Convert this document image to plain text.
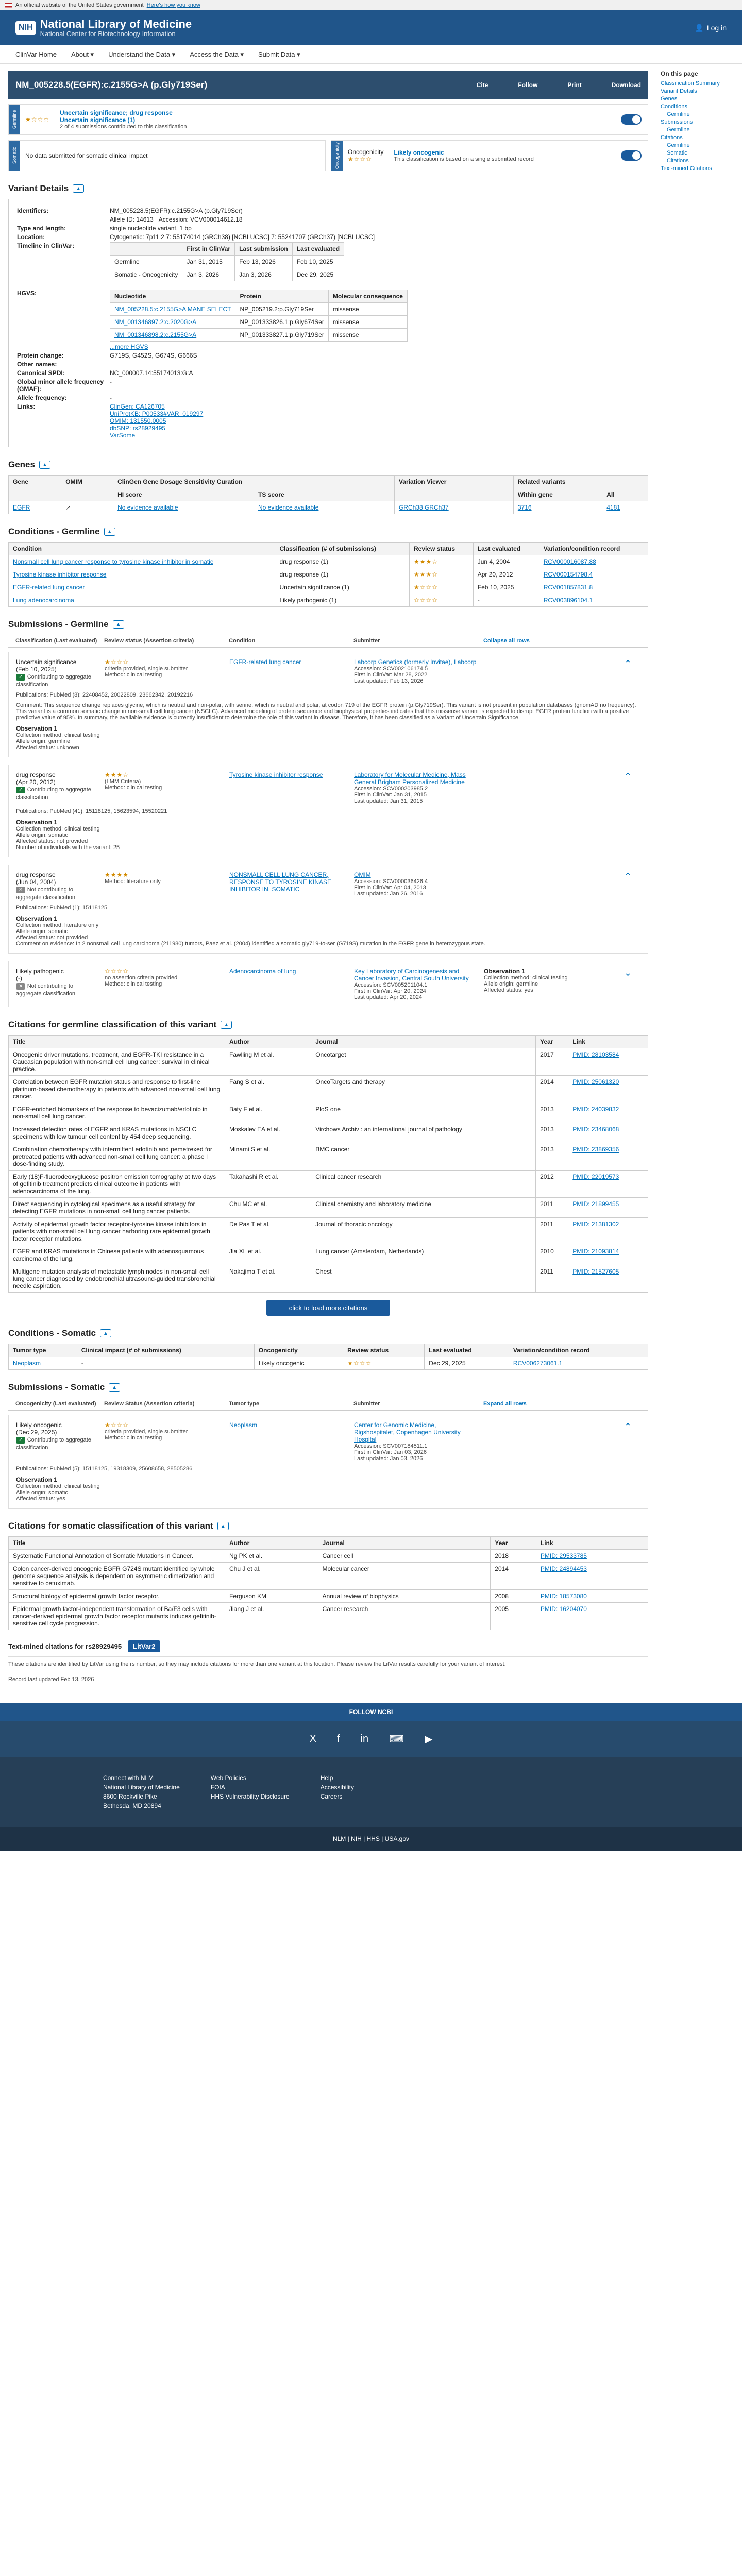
An official website of the United States government Here's how you know
NIH National Library of Medicine
National Center for Biotechnology Information
👤 Log in
ClinVar Home About ▾ Understand the Data ▾ Access the Data ▾ Submit Data ▾
NM_005228.5(EGFR):c.2155G>A (p.Gly719Ser)	Cite	Follow	Print	Download
Germline	★☆☆☆
Uncertain significance; drug response
Uncertain significance (1)
2 of 4 submissions contributed to this classification
Somatic	No data submitted for somatic clinical impact	Oncogenicity	Oncogenicity
★☆☆☆
Likely oncogenic
This classification is based on a single submitted record
Variant Details	▲
Identifiers:	NM_005228.5(EGFR):c.2155G>A (p.Gly719Ser)
Allele ID: 14613
Accession: VCV000014612.18
Type and length:	single nucleotide variant, 1 bp
Location:	Cytogenetic: 7p11.2 7: 55174014 (GRCh38) [NCBI UCSC] 7: 55241707 (GRCh37) [NCBI UCSC]
Timeline in ClinVar:
		First in ClinVar	Last submission	Last evaluated
Germline	Jan 31, 2015	Feb 13, 2026	Feb 10, 2025
Somatic - Oncogenicity	Jan 3, 2026	Jan 3, 2026	Dec 29, 2025
HGVS:	Nucleotide	Protein	Molecular consequence
NM_005228.5:c.2155G>A MANE SELECT	NP_005219.2:p.Gly719Ser	missense
NM_001346897.2:c.2020G>A	NP_001333826.1:p.Gly674Ser	missense
NM_001346898.2:c.2155G>A	NP_001333827.1:p.Gly719Ser	missense
...more HGVS
Protein change:	G719S, G452S, G674S, G666S
Other names:
Canonical SPDI:	NC_000007.14:55174013:G:A
Global minor allele frequency (GMAF):
-
Allele frequency:	-
Links:	ClinGen: CA126705
UniProtKB: P00533#VAR_019297
OMIM: 131550.0005
dbSNP: rs28929495
VarSome
Genes	▲
Gene	OMIM	ClinGen Gene Dosage Sensitivity Curation		Variation Viewer	Related variants	
		HI score	TS score		Within gene	All
EGFR	↗	No evidence available	No evidence available	GRCh38 GRCh37	3716	4181
Conditions - Germline	▲
Condition	Classification (# of submissions)	Review status	Last evaluated	Variation/condition record
Nonsmall cell lung cancer response to tyrosine kinase inhibitor in somatic	drug response (1)	★★★☆	Jun 4, 2004	RCV000016087.88
Tyrosine kinase inhibitor response	drug response (1)	★★★☆	Apr 20, 2012	RCV000154798.4
EGFR-related lung cancer	Uncertain significance (1)	★☆☆☆	Feb 10, 2025	RCV001857831.8
Lung adenocarcinoma	Likely pathogenic (1)	☆☆☆☆	-	RCV003896104.1
Submissions - Germline	▲
Classification (Last evaluated) Review status (Assertion criteria)	Condition	Submitter	Collapse all rows
Uncertain significance
(Feb 10, 2025)
✓ Contributing to aggregate classification
★☆☆☆
criteria provided, single submitter
Method: clinical testing
EGFR-related lung cancer	Labcorp Genetics (formerly Invitae), Labcorp
Accession: SCV002106174.5
First in ClinVar: Mar 28, 2022
Last updated: Feb 13, 2026
⌃
Publications: PubMed (8): 22408452, 20022809, 23662342, 20192216
Comment: This sequence change replaces glycine, which is neutral and non-polar, with serine, which is neutral and polar, at codon 719 of the EGFR protein (p.Gly719Ser). This variant is not present in population databases (gnomAD no frequency). This variant is a common somatic change in non-small cell lung cancer (NSCLC). Advanced modeling of protein sequence and biophysical properties indicates that this missense variant is expected to disrupt EGFR protein function with a positive predictive value of 95%. In summary, the available evidence is currently insufficient to determine the role of this variant in disease. Therefore, it has been classified as a Variant of Uncertain Significance.
Observation 1
Collection method: clinical testing
Allele origin: germline
Affected status: unknown
drug response
(Apr 20, 2012)
✓ Contributing to aggregate classification
★★★☆
(LMM Criteria)
Method: clinical testing
Tyrosine kinase inhibitor response	Laboratory for Molecular Medicine, Mass General Brigham Personalized Medicine
Accession: SCV000203985.2
First in ClinVar: Jan 31, 2015
Last updated: Jan 31, 2015
⌃
Publications: PubMed (41): 15118125, 15623594, 15520221
Observation 1
Collection method: clinical testing
Allele origin: somatic
Affected status: not provided
Number of individuals with the variant: 25
drug response
(Jun 04, 2004)
✕ Not contributing to aggregate classification
★★★★
Method: literature only
NONSMALL CELL LUNG CANCER, RESPONSE TO TYROSINE KINASE INHIBITOR IN, SOMATIC
OMIM
Accession: SCV000036426.4
First in ClinVar: Apr 04, 2013
Last updated: Jan 26, 2016
⌃
Publications: PubMed (1): 15118125
Observation 1
Collection method: literature only
Allele origin: somatic
Affected status: not provided
Comment on evidence: In 2 nonsmall cell lung carcinoma (211980) tumors, Paez et al. (2004) identified a somatic gly719-to-ser (G719S) mutation in the EGFR gene in heterozygous state.
Likely pathogenic
(-)
✕ Not contributing to aggregate classification
☆☆☆☆
no assertion criteria provided
Method: clinical testing
Adenocarcinoma of lung	Key Laboratory of Carcinogenesis and Cancer Invasion, Central South University
Accession: SCV005201104.1
First in ClinVar: Apr 20, 2024
Last updated: Apr 20, 2024
Observation 1
Collection method: clinical testing
Allele origin: germline
Affected status: yes
⌄
Citations for germline classification of this variant	▲
Title	Author	Journal	Year	Link
Oncogenic driver mutations, treatment, and EGFR-TKI resistance in a Caucasian population with non-small cell lung cancer: survival in clinical practice.	Fawlling M et al.	Oncotarget	2017	PMID: 28103584
Correlation between EGFR mutation status and response to first-line platinum-based chemotherapy in patients with advanced non-small cell lung cancer.	Fang S et al.	OncoTargets and therapy	2014	PMID: 25061320
EGFR-enriched biomarkers of the response to bevacizumab/erlotinib in non-small cell lung cancer.	Baty F et al.	PloS one	2013	PMID: 24039832
Increased detection rates of EGFR and KRAS mutations in NSCLC specimens with low tumour cell content by 454 deep sequencing.	Moskalev EA et al.	Virchows Archiv : an international journal of pathology	2013	PMID: 23468068
Combination chemotherapy with intermittent erlotinib and pemetrexed for pretreated patients with advanced non-small cell lung cancer: a phase I dose-finding study.	Minami S et al.	BMC cancer	2013	PMID: 23869356
Early (18)F-fluorodeoxyglucose positron emission tomography at two days of gefitinib treatment predicts clinical outcome in patients with adenocarcinoma of the lung.	Takahashi R et al.	Clinical cancer research	2012	PMID: 22019573
Direct sequencing in cytological specimens as a useful strategy for detecting EGFR mutations in non-small cell lung cancer patients.	Chu MC et al.	Clinical chemistry and laboratory medicine	2011	PMID: 21899455
Activity of epidermal growth factor receptor-tyrosine kinase inhibitors in patients with non-small cell lung cancer harboring rare epidermal growth factor receptor mutations.	De Pas T et al.	Journal of thoracic oncology	2011	PMID: 21381302
EGFR and KRAS mutations in Chinese patients with adenosquamous carcinoma of the lung.	Jia XL et al.	Lung cancer (Amsterdam, Netherlands)	2010	PMID: 21093814
Multigene mutation analysis of metastatic lymph nodes in non-small cell lung cancer diagnosed by endobronchial ultrasound-guided transbronchial needle aspiration.	Nakajima T et al.	Chest	2011	PMID: 21527605
click to load more citations
Conditions - Somatic	▲
Tumor type	Clinical impact (# of submissions)	Oncogenicity	Review status	Last evaluated	Variation/condition record
Neoplasm	-	Likely oncogenic	★☆☆☆	Dec 29, 2025	RCV006273061.1
Submissions - Somatic	▲
Oncogenicity (Last evaluated)	Review Status (Assertion criteria)	Tumor type	Submitter	Expand all rows
Likely oncogenic
(Dec 29, 2025)
✓ Contributing to aggregate classification
★☆☆☆
criteria provided, single submitter
Method: clinical testing
Neoplasm	Center for Genomic Medicine, Rigshospitalet, Copenhagen University Hospital
Accession: SCV007184511.1
First in ClinVar: Jan 03, 2026
Last updated: Jan 03, 2026
⌃
Publications: PubMed (5): 15118125, 19318309, 25608658, 28505286
Observation 1
Collection method: clinical testing
Allele origin: somatic
Affected status: yes
Citations for somatic classification of this variant	▲
Title	Author	Journal	Year	Link
Systematic Functional Annotation of Somatic Mutations in Cancer.	Ng PK et al.	Cancer cell	2018	PMID: 29533785
Colon cancer-derived oncogenic EGFR G724S mutant identified by whole genome sequence analysis is dependent on asymmetric dimerization and sensitive to cetuximab.	Chu J et al.	Molecular cancer	2014	PMID: 24894453
Structural biology of epidermal growth factor receptor.	Ferguson KM	Annual review of biophysics	2008	PMID: 18573080
Epidermal growth factor-independent transformation of Ba/F3 cells with cancer-derived epidermal growth factor receptor mutants induces gefitinib-sensitive cell cycle progression.	Jiang J et al.	Cancer research	2005	PMID: 16204070
Text-mined citations for rs28929495	LitVar2
These citations are identified by LitVar using the rs number, so they may include citations for more than one variant at this location. Please review the LitVar results carefully for your variant of interest.
Record last updated Feb 13, 2026
On this page
Classification Summary
Variant Details
Genes
Conditions
Germline
Submissions
Germline
Citations
Germline
Somatic
Citations
Text-mined Citations
FOLLOW NCBI
X f in ⌨ ▶
Connect with NLM
National Library of Medicine
8600 Rockville Pike
Bethesda, MD 20894
Web Policies
FOIA
HHS Vulnerability Disclosure
Help
Accessibility
Careers
NLM | NIH | HHS | USA.gov
